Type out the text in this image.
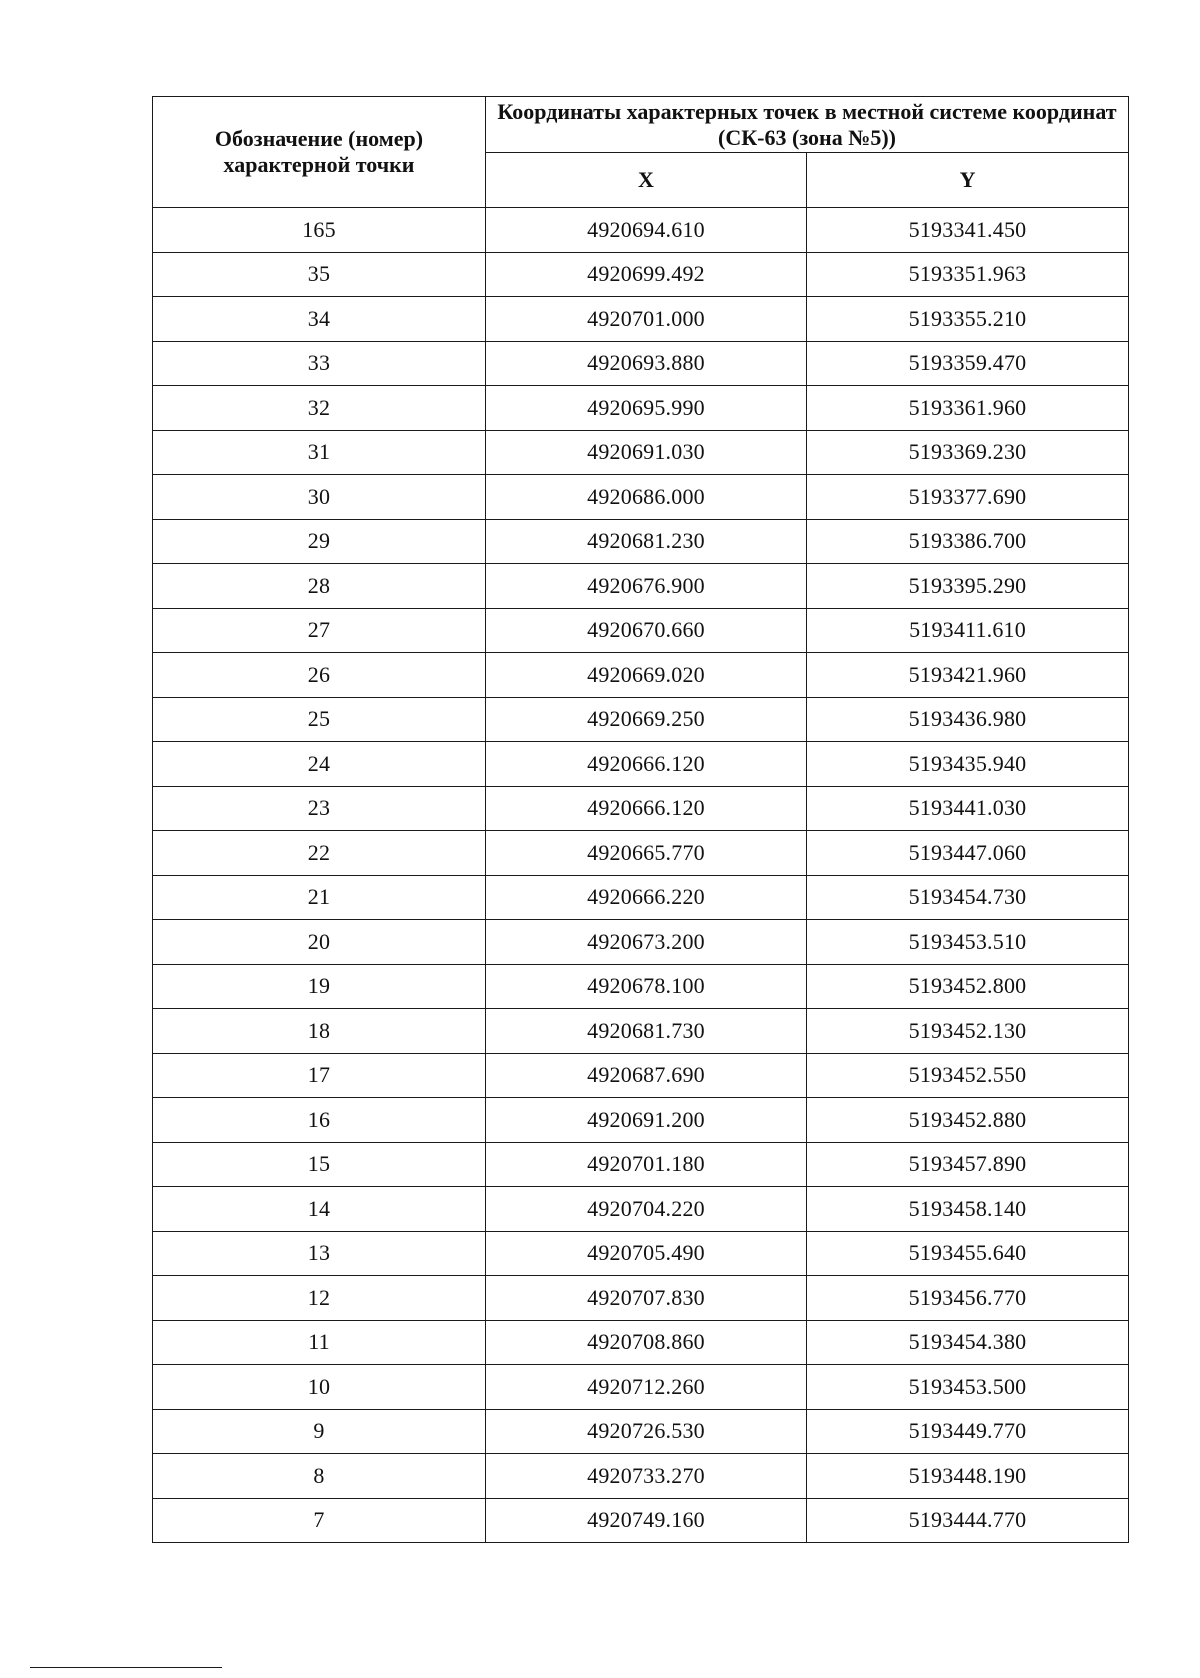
Обозначение (номер) характерной точки	Координаты характерных точек в местной системе координат (СК-63 (зона №5))	
	X	Y
165	4920694.610	5193341.450
35	4920699.492	5193351.963
34	4920701.000	5193355.210
33	4920693.880	5193359.470
32	4920695.990	5193361.960
31	4920691.030	5193369.230
30	4920686.000	5193377.690
29	4920681.230	5193386.700
28	4920676.900	5193395.290
27	4920670.660	5193411.610
26	4920669.020	5193421.960
25	4920669.250	5193436.980
24	4920666.120	5193435.940
23	4920666.120	5193441.030
22	4920665.770	5193447.060
21	4920666.220	5193454.730
20	4920673.200	5193453.510
19	4920678.100	5193452.800
18	4920681.730	5193452.130
17	4920687.690	5193452.550
16	4920691.200	5193452.880
15	4920701.180	5193457.890
14	4920704.220	5193458.140
13	4920705.490	5193455.640
12	4920707.830	5193456.770
11	4920708.860	5193454.380
10	4920712.260	5193453.500
9	4920726.530	5193449.770
8	4920733.270	5193448.190
7	4920749.160	5193444.770
